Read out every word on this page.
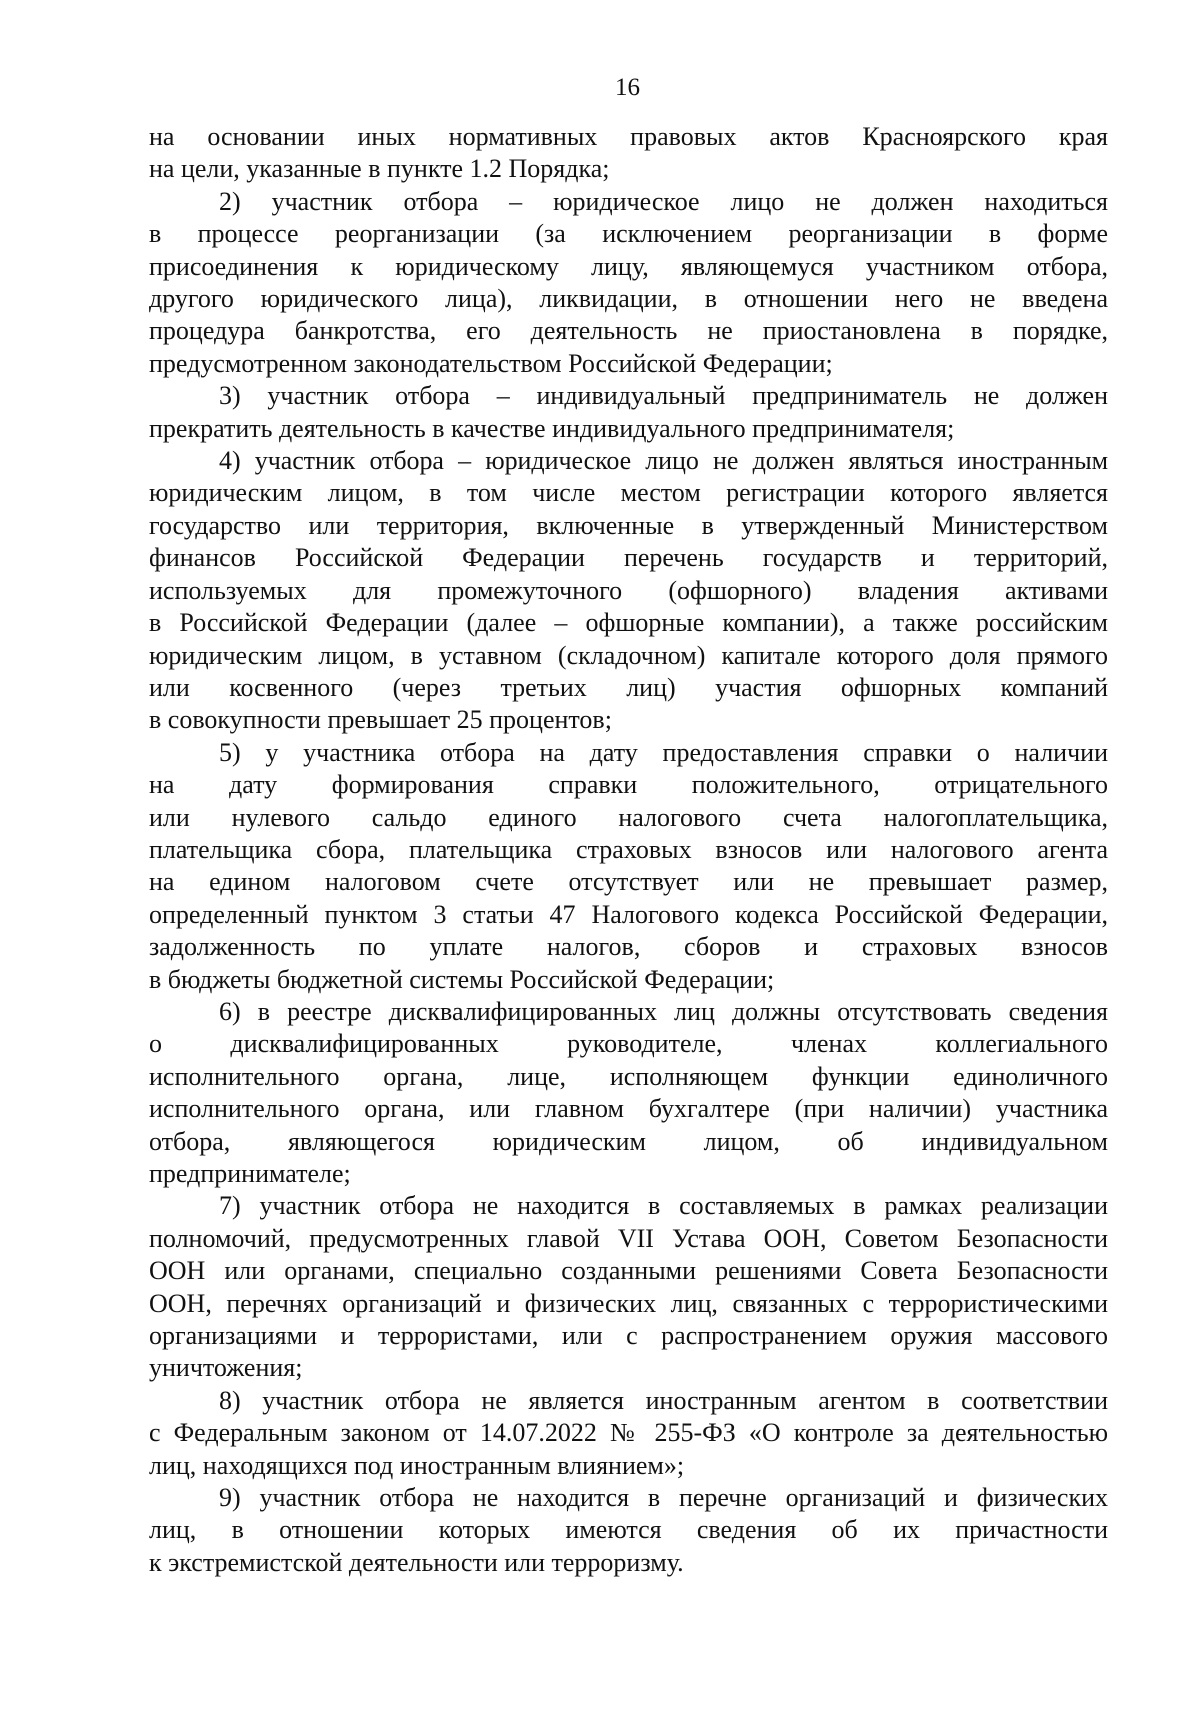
16
на основании иных нормативных правовых актов Красноярского края
на цели, указанные в пункте 1.2 Порядка;
2) участник отбора – юридическое лицо не должен находиться
в процессе реорганизации (за исключением реорганизации в форме
присоединения к юридическому лицу, являющемуся участником отбора,
другого юридического лица), ликвидации, в отношении него не введена
процедура банкротства, его деятельность не приостановлена в порядке,
предусмотренном законодательством Российской Федерации;
3) участник отбора – индивидуальный предприниматель не должен
прекратить деятельность в качестве индивидуального предпринимателя;
4) участник отбора – юридическое лицо не должен являться иностранным
юридическим лицом, в том числе местом регистрации которого является
государство или территория, включенные в утвержденный Министерством
финансов Российской Федерации перечень государств и территорий,
используемых для промежуточного (офшорного) владения активами
в Российской Федерации (далее – офшорные компании), а также российским
юридическим лицом, в уставном (складочном) капитале которого доля прямого
или косвенного (через третьих лиц) участия офшорных компаний
в совокупности превышает 25 процентов;
5) у участника отбора на дату предоставления справки о наличии
на дату формирования справки положительного, отрицательного
или нулевого сальдо единого налогового счета налогоплательщика,
плательщика сбора, плательщика страховых взносов или налогового агента
на едином налоговом счете отсутствует или не превышает размер,
определенный пунктом 3 статьи 47 Налогового кодекса Российской Федерации,
задолженность по уплате налогов, сборов и страховых взносов
в бюджеты бюджетной системы Российской Федерации;
6) в реестре дисквалифицированных лиц должны отсутствовать сведения
о дисквалифицированных руководителе, членах коллегиального
исполнительного органа, лице, исполняющем функции единоличного
исполнительного органа, или главном бухгалтере (при наличии) участника
отбора, являющегося юридическим лицом, об индивидуальном
предпринимателе;
7) участник отбора не находится в составляемых в рамках реализации
полномочий, предусмотренных главой VII Устава ООН, Советом Безопасности
ООН или органами, специально созданными решениями Совета Безопасности
ООН, перечнях организаций и физических лиц, связанных с террористическими
организациями и террористами, или с распространением оружия массового
уничтожения;
8) участник отбора не является иностранным агентом в соответствии
с Федеральным законом от 14.07.2022 № 255-ФЗ «О контроле за деятельностью
лиц, находящихся под иностранным влиянием»;
9) участник отбора не находится в перечне организаций и физических
лиц, в отношении которых имеются сведения об их причастности
к экстремистской деятельности или терроризму.
